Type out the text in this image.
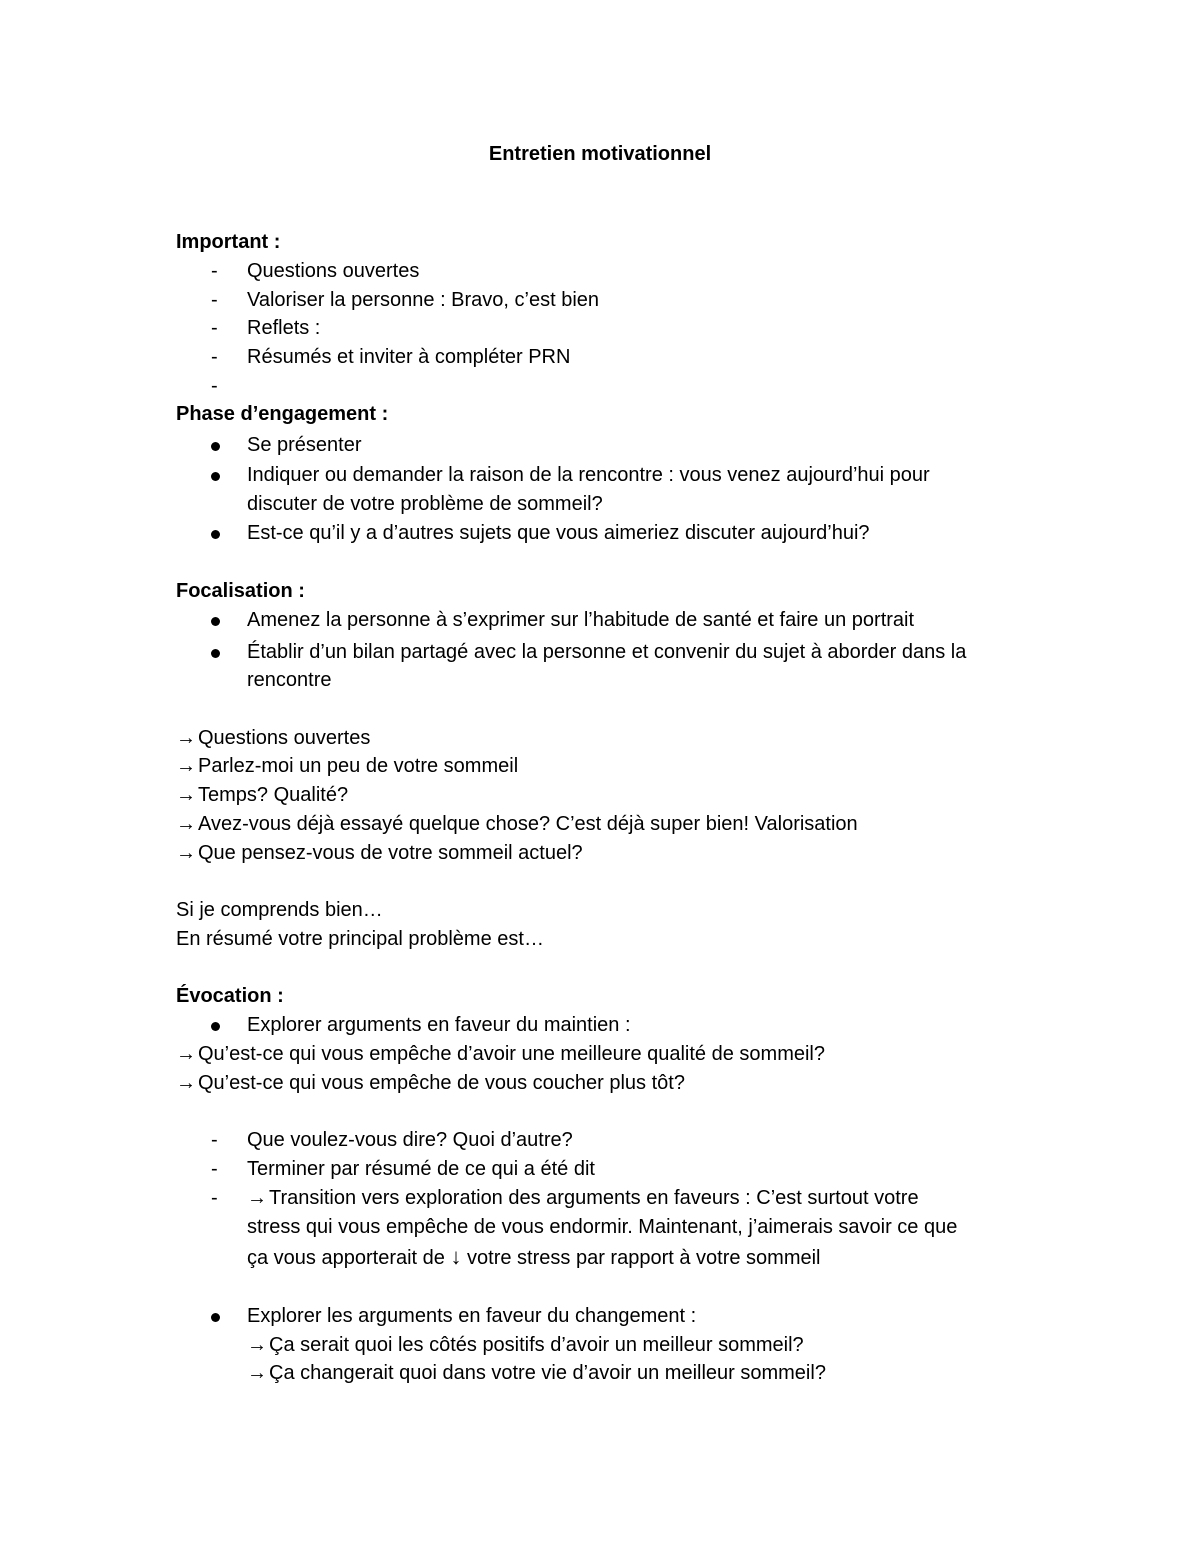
Entretien motivationnel
Important :
-	Questions ouvertes
-	Valoriser la personne : Bravo, c’est bien
-	Reflets :
-	Résumés et inviter à compléter PRN
-
Phase d’engagement :
Se présenter
Indiquer ou demander la raison de la rencontre : vous venez aujourd’hui pour
discuter de votre problème de sommeil?
Est-ce qu’il y a d’autres sujets que vous aimeriez discuter aujourd’hui?
Focalisation :
Amenez la personne à s’exprimer sur l’habitude de santé et faire un portrait
Établir d’un bilan partagé avec la personne et convenir du sujet à aborder dans la
rencontre
→ Questions ouvertes
→ Parlez-moi un peu de votre sommeil
→ Temps? Qualité?
→ Avez-vous déjà essayé quelque chose? C’est déjà super bien! Valorisation
→ Que pensez-vous de votre sommeil actuel?
Si je comprends bien…
En résumé votre principal problème est…
Évocation :
Explorer arguments en faveur du maintien :
→ Qu’est-ce qui vous empêche d’avoir une meilleure qualité de sommeil?
→ Qu’est-ce qui vous empêche de vous coucher plus tôt?
-	Que voulez-vous dire? Quoi d’autre?
-	Terminer par résumé de ce qui a été dit
-	→ Transition vers exploration des arguments en faveurs : C’est surtout votre
stress qui vous empêche de vous endormir. Maintenant, j’aimerais savoir ce que
ça vous apporterait de ↓ votre stress par rapport à votre sommeil
Explorer les arguments en faveur du changement :
→ Ça serait quoi les côtés positifs d’avoir un meilleur sommeil?
→ Ça changerait quoi dans votre vie d’avoir un meilleur sommeil?
